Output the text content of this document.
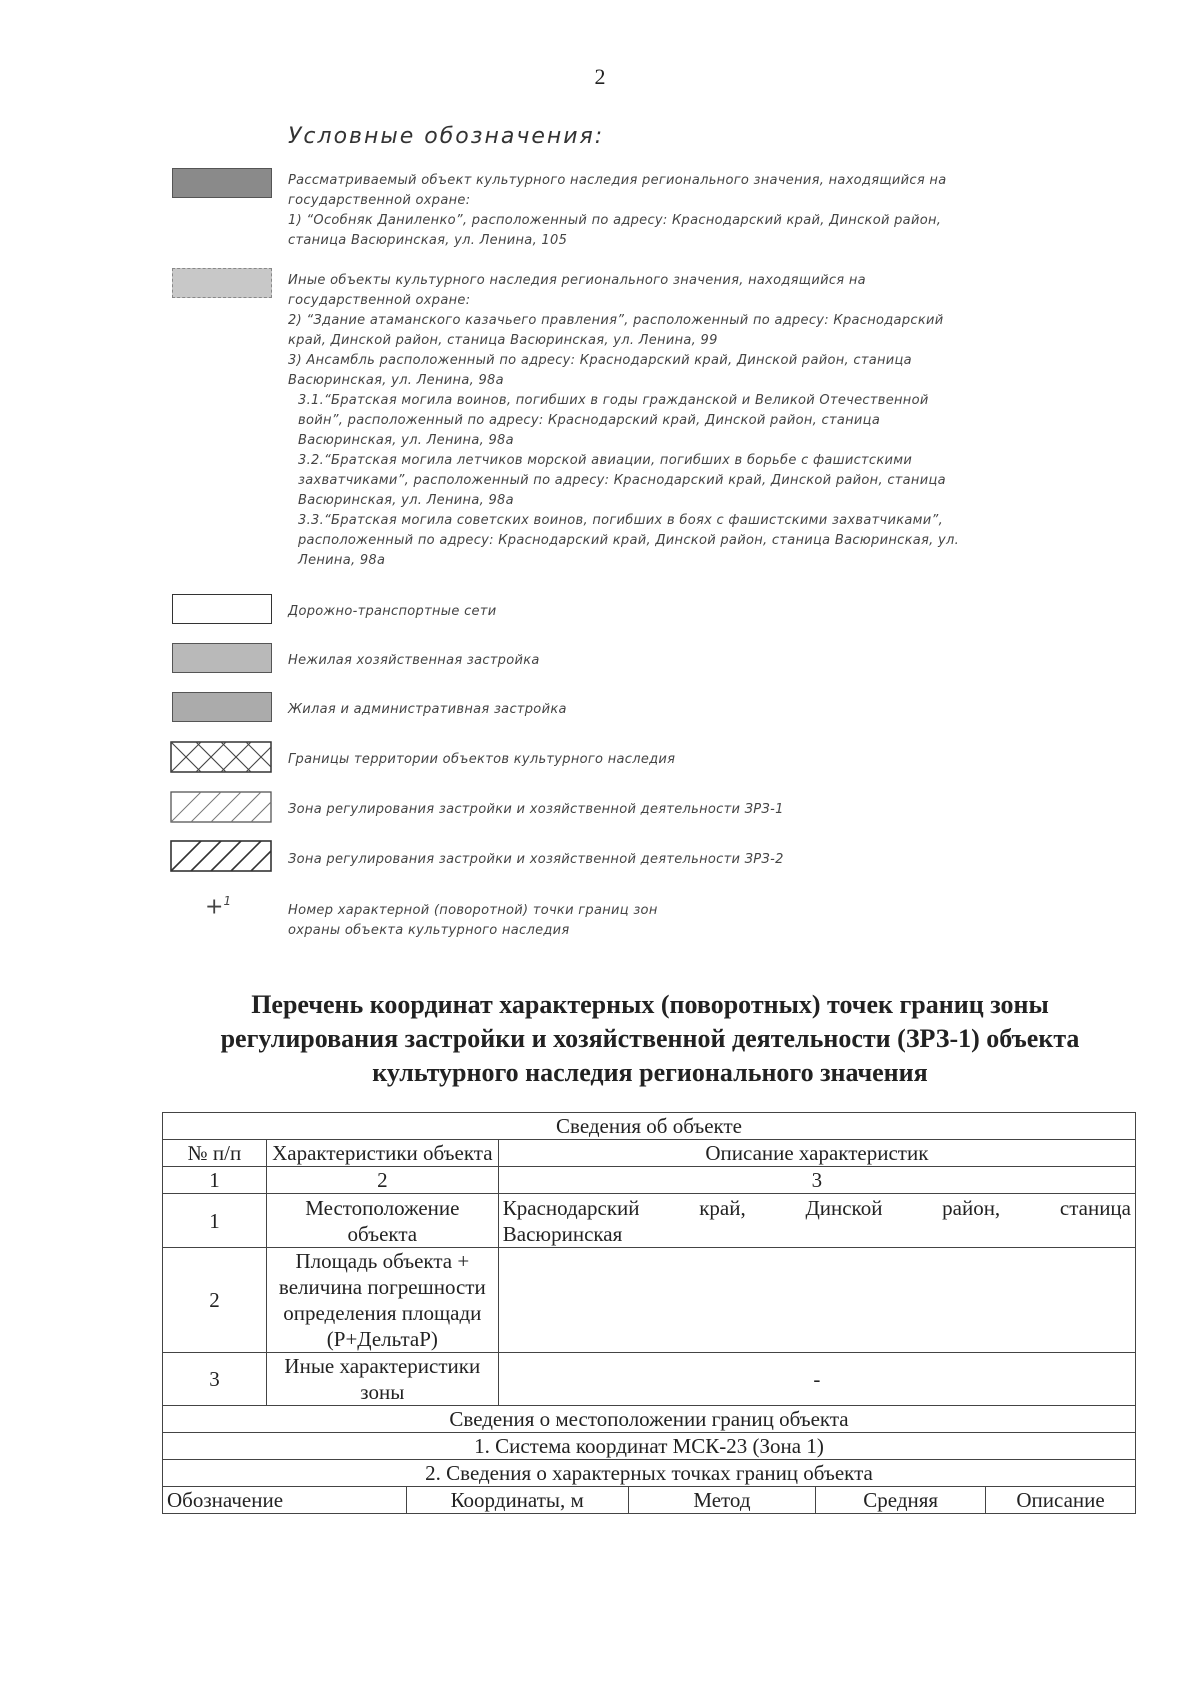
2
Условные обозначения:

Рассматриваемый объект культурного наследия регионального значения, находящийся на государственной охране:

1) “Особняк Даниленко”, расположенный по адресу: Краснодарский край, Динской район, станица Васюринская, ул. Ленина, 105

Иные объекты культурного наследия регионального значения, находящийся на государственной охране:

2) “Здание атаманского казачьего правления”, расположенный по адресу: Краснодарский край, Динской район, станица Васюринская, ул. Ленина, 99

3) Ансамбль расположенный по адресу: Краснодарский край, Динской район, станица Васюринская, ул. Ленина, 98а

3.1.“Братская могила воинов, погибших в годы гражданской и Великой Отечественной войн”, расположенный по адресу: Краснодарский край, Динской район, станица Васюринская, ул. Ленина, 98а

3.2.“Братская могила летчиков морской авиации, погибших в борьбе с фашистскими захватчиками”, расположенный по адресу: Краснодарский край, Динской район, станица Васюринская, ул. Ленина, 98а

3.3.“Братская могила советских воинов, погибших в боях с фашистскими захватчиками”, расположенный по адресу: Краснодарский край, Динской район, станица Васюринская, ул. Ленина, 98а

Дорожно-транспортные сети
Нежилая хозяйственная застройка
Жилая и административная застройка
Границы территории объектов культурного наследия
Зона регулирования застройки и хозяйственной деятельности ЗРЗ-1
Зона регулирования застройки и хозяйственной деятельности ЗРЗ-2
+$^1$
Номер характерной (поворотной) точки границ зон охраны объекта культурного наследия
Перечень координат характерных (поворотных) точек границ зоны регулирования застройки и хозяйственной деятельности (ЗРЗ-1) объекта культурного наследия регионального значения
Сведения об объекте						
№ п/п	Характеристики объекта		Описание характеристик			
1	2		3			
1	Местоположение объекта		Краснодарский край, Динской район, станица
Васюринская			

2	Площадь объекта + величина погрешности определения площади (P+ДельтаP)					
3	Иные характеристики зоны		-			
Сведения о местоположении границ объекта						
1. Система координат МСК-23 (Зона 1)						
2. Сведения о характерных точках границ объекта						
Обозначение		Координаты, м		Метод	Средняя	Описание
